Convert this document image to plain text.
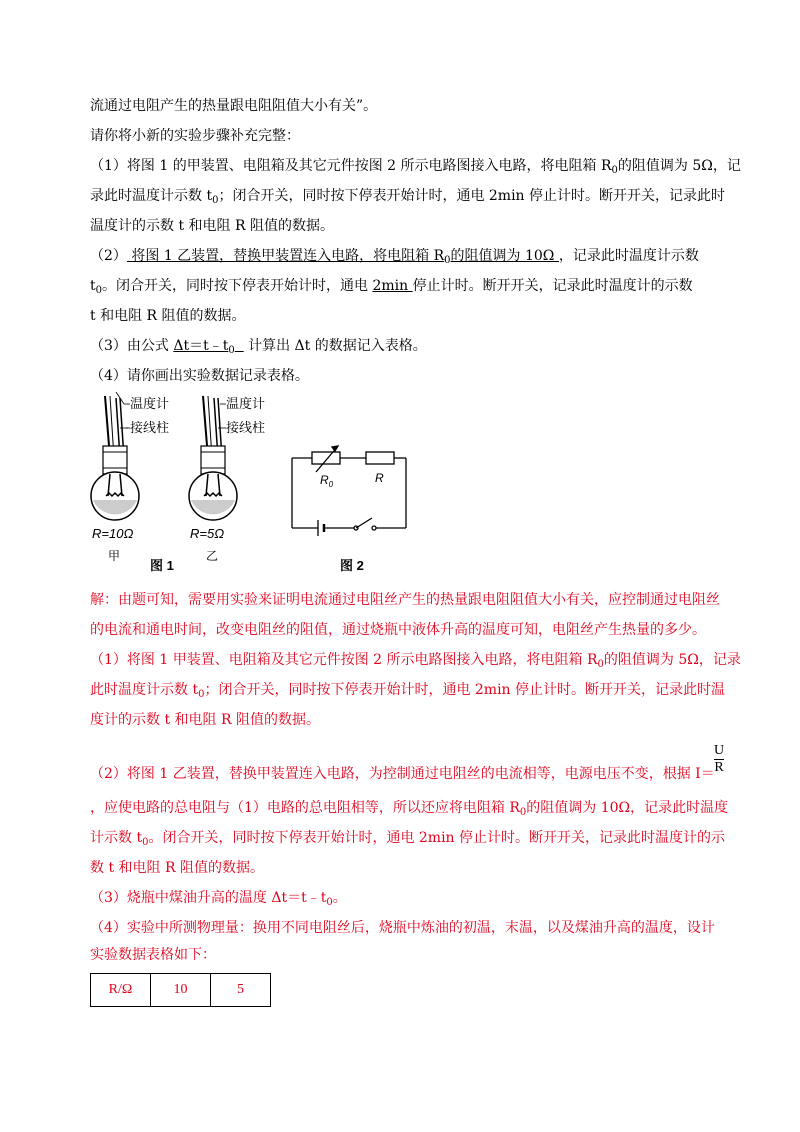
流通过电阻产生的热量跟电阻阻值大小有关”。
请你将小新的实验步骤补充完整：
（1）将图 1 的甲装置、电阻箱及其它元件按图 2 所示电路图接入电路，将电阻箱 $R_0$的阻值调为 5Ω，记
录此时温度计示数 $t_0$；闭合开关，同时按下停表开始计时，通电 2min 停止计时。断开开关，记录此时
温度计的示数 t 和电阻 R 阻值的数据。
（2） 将图 1 乙装置，替换甲装置连入电路，将电阻箱 $R_0$的阻值调为 10Ω ，记录此时温度计示数
$t_0$。闭合开关，同时按下停表开始计时，通电 2min 停止计时。断开开关，记录此时温度计的示数
t 和电阻 R 阻值的数据。
（3）由公式 $\Delta t=t﹣t_0$   计算出 Δt 的数据记入表格。
（4）请你画出实验数据记录表格。
温度计
接线柱
R=10Ω
甲
温度计
接线柱
R=5Ω
乙
$R_0$	R
图 1	图 2
解：由题可知，需要用实验来证明电流通过电阻丝产生的热量跟电阻阻值大小有关，应控制通过电阻丝
的电流和通电时间，改变电阻丝的阻值，通过烧瓶中液体升高的温度可知，电阻丝产生热量的多少。
（1）将图 1 甲装置、电阻箱及其它元件按图 2 所示电路图接入电路，将电阻箱 $R_0$的阻值调为 5Ω，记录
此时温度计示数 $t_0$；闭合开关，同时按下停表开始计时，通电 2min 停止计时。断开开关，记录此时温
度计的示数 t 和电阻 R 阻值的数据。
（2）将图 1 乙装置，替换甲装置连入电路，为控制通过电阻丝的电流相等，电源电压不变，根据 I＝
U
R
，应使电路的总电阻与（1）电路的总电阻相等，所以还应将电阻箱 $R_0$的阻值调为 10Ω，记录此时温度
计示数 $t_0$。闭合开关，同时按下停表开始计时，通电 2min 停止计时。断开开关，记录此时温度计的示
数 t 和电阻 R 阻值的数据。
（3）烧瓶中煤油升高的温度 $\Delta t=t﹣t_0$。
（4）实验中所测物理量：换用不同电阻丝后，烧瓶中炼油的初温，末温，以及煤油升高的温度，设计
实验数据表格如下：
R/Ω	10	5
